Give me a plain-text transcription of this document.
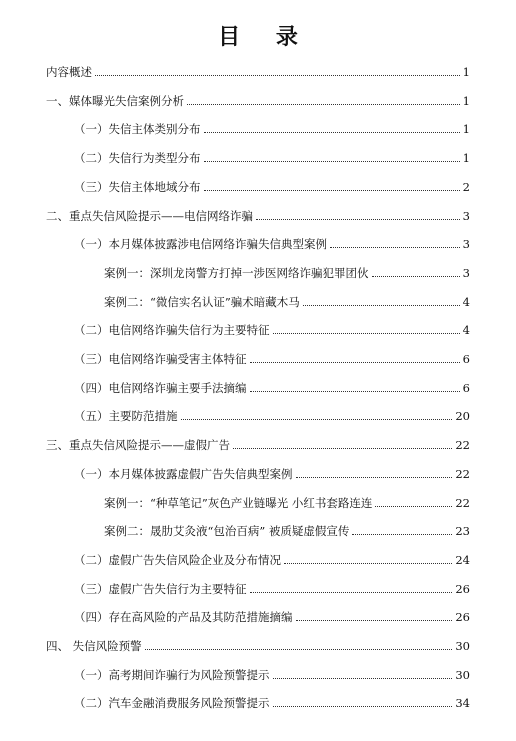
目 录
内容概述	1
一、媒体曝光失信案例分析	1
（一）失信主体类别分布	1
（二）失信行为类型分布	1
（三）失信主体地域分布	2
二、重点失信风险提示——电信网络诈骗	3
（一）本月媒体披露涉电信网络诈骗失信典型案例	3
案例一：深圳龙岗警方打掉一涉医网络诈骗犯罪团伙	3
案例二：“微信实名认证”骗术暗藏木马	4
（二）电信网络诈骗失信行为主要特征	4
（三）电信网络诈骗受害主体特征	6
（四）电信网络诈骗主要手法摘编	6
（五）主要防范措施	20
三、重点失信风险提示——虚假广告	22
（一）本月媒体披露虚假广告失信典型案例	22
案例一：“种草笔记”灰色产业链曝光 小红书套路连连	22
案例二：晟肋艾灸液“包治百病” 被质疑虚假宣传	23
（二）虚假广告失信风险企业及分布情况	24
（三）虚假广告失信行为主要特征	26
（四）存在高风险的产品及其防范措施摘编	26
四、 失信风险预警	30
（一）高考期间诈骗行为风险预警提示	30
（二）汽车金融消费服务风险预警提示	34
